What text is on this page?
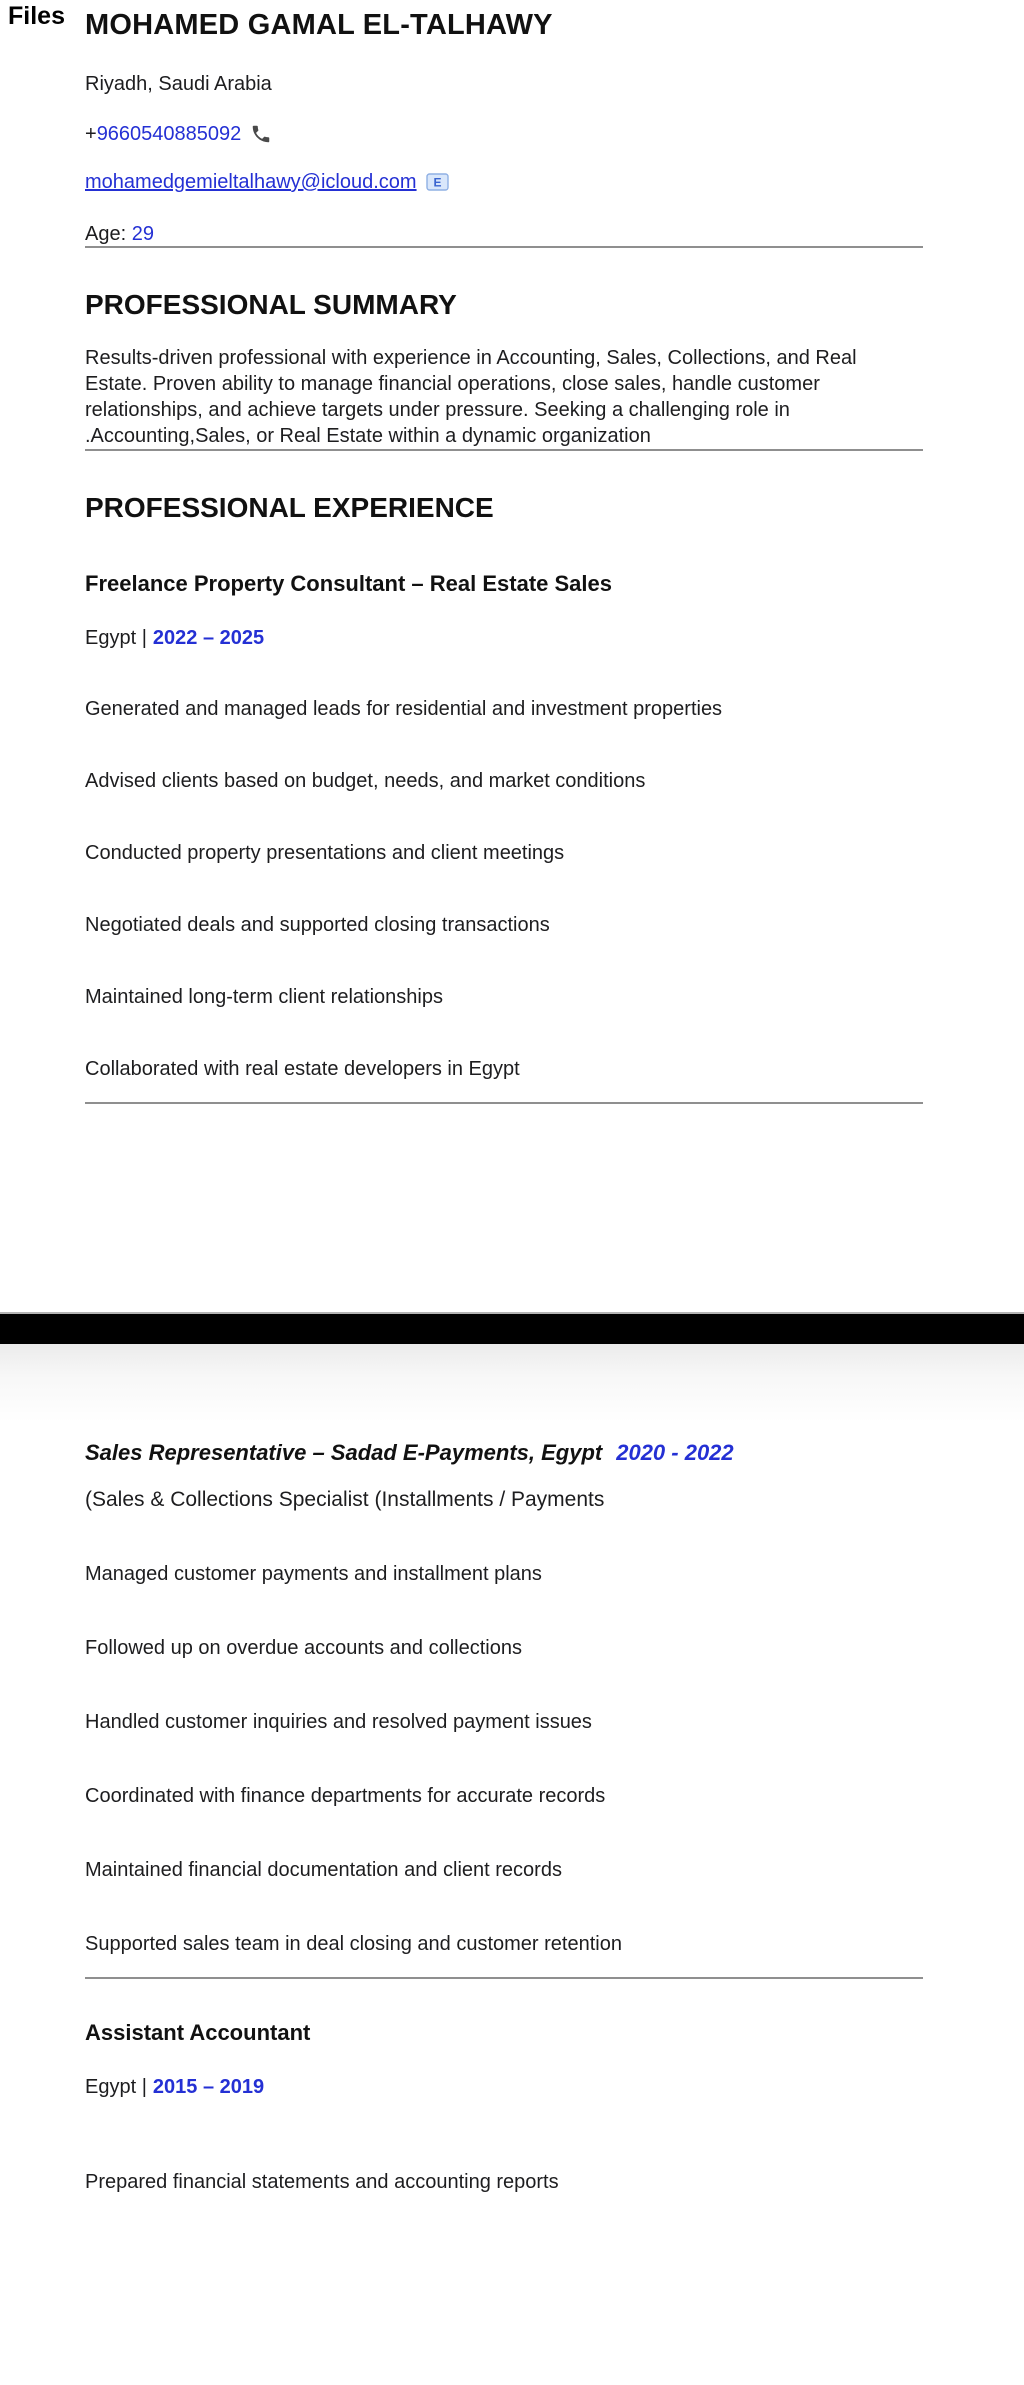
Files MOHAMED GAMAL EL-TALHAWY
Riyadh, Saudi Arabia
+ 9660540885092
mohamedgemieltalhawy@icloud.com E
Age:
29
PROFESSIONAL SUMMARY
Results-driven professional with experience in Accounting, Sales, Collections, and Real Estate. Proven ability to manage financial operations, close sales, handle customer relationships, and achieve targets under pressure. Seeking a challenging role in .Accounting,Sales, or Real Estate within a dynamic organization
PROFESSIONAL EXPERIENCE
Freelance Property Consultant – Real Estate Sales
Egypt | 2022 – 2025

Generated and managed leads for residential and investment properties

Advised clients based on budget, needs, and market conditions

Conducted property presentations and client meetings

Negotiated deals and supported closing transactions

Maintained long-term client relationships

Collaborated with real estate developers in Egypt

Sales Representative – Sadad E-Payments, Egypt 2020 - 2022
(Sales & Collections Specialist (Installments / Payments

Managed customer payments and installment plans

Followed up on overdue accounts and collections

Handled customer inquiries and resolved payment issues

Coordinated with finance departments for accurate records

Maintained financial documentation and client records

Supported sales team in deal closing and customer retention

Assistant Accountant
Egypt | 2015 – 2019

Prepared financial statements and accounting reports
